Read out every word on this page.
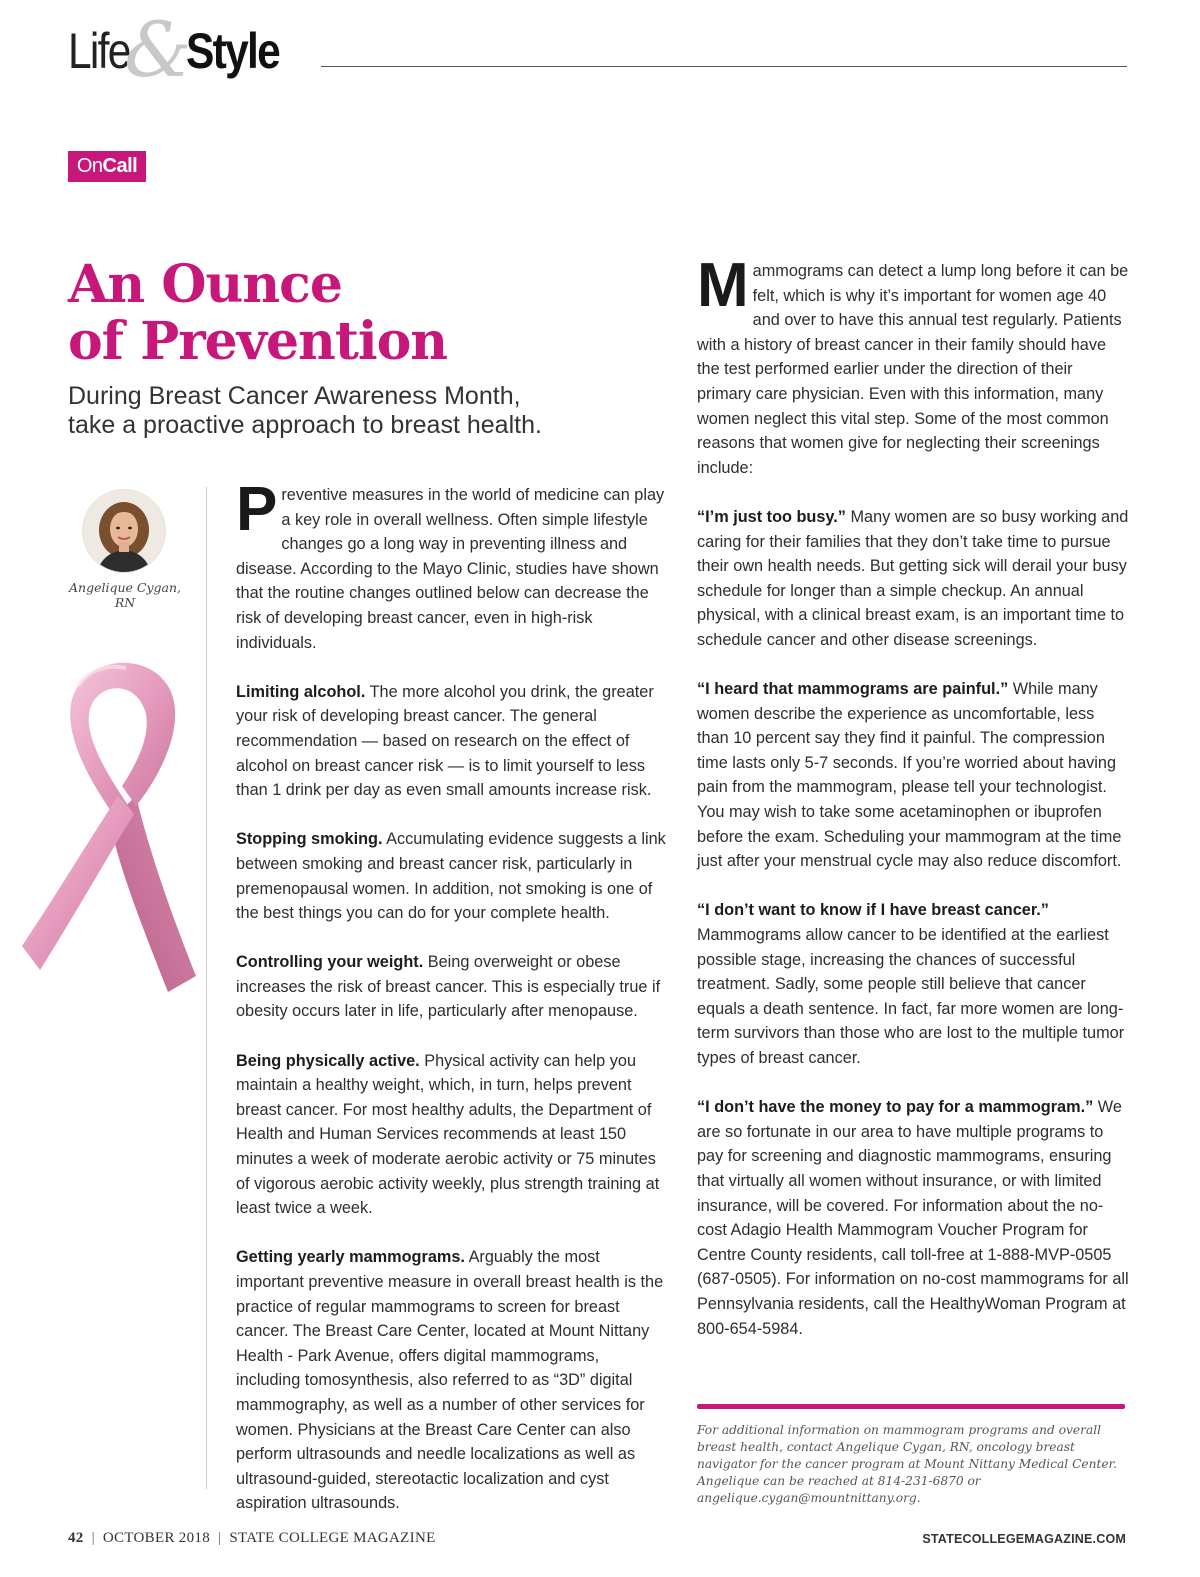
Life
&
Style
OnCall
An Ounce
of Prevention
During Breast Cancer Awareness Month,
take a proactive approach to breast health.
Angelique Cygan, RN

Preventive measures in the world of medicine can play a key role in overall wellness. Often simple lifestyle changes go a long way in preventing illness and disease. According to the Mayo Clinic, studies have shown that the routine changes outlined below can decrease the risk of developing breast cancer, even in high-risk individuals.

Limiting alcohol. The more alcohol you drink, the greater your risk of developing breast cancer. The general recommendation — based on research on the effect of alcohol on breast cancer risk — is to limit yourself to less than 1 drink per day as even small amounts increase risk.

Stopping smoking. Accumulating evidence suggests a link between smoking and breast cancer risk, particularly in premenopausal women. In addition, not smoking is one of the best things you can do for your complete health.

Controlling your weight. Being overweight or obese increases the risk of breast cancer. This is especially true if obesity occurs later in life, particularly after menopause.

Being physically active. Physical activity can help you maintain a healthy weight, which, in turn, helps prevent breast cancer. For most healthy adults, the Department of Health and Human Services recommends at least 150 minutes a week of moderate aerobic activity or 75 minutes of vigorous aerobic activity weekly, plus strength training at least twice a week.

Getting yearly mammograms. Arguably the most important preventive measure in overall breast health is the practice of regular mammograms to screen for breast cancer. The Breast Care Center, located at Mount Nittany Health - Park Avenue, offers digital mammograms, including tomosynthesis, also referred to as “3D” digital mammography, as well as a number of other services for women. Physicians at the Breast Care Center can also perform ultrasounds and needle localizations as well as ultrasound-guided, stereotactic localization and cyst aspiration ultrasounds.

Mammograms can detect a lump long before it can be felt, which is why it’s important for women age 40 and over to have this annual test regularly. Patients with a history of breast cancer in their family should have the test performed earlier under the direction of their primary care physician. Even with this information, many women neglect this vital step. Some of the most common reasons that women give for neglecting their screenings include:

“I’m just too busy.” Many women are so busy working and caring for their families that they don’t take time to pursue their own health needs. But getting sick will derail your busy schedule for longer than a simple checkup. An annual physical, with a clinical breast exam, is an important time to schedule cancer and other disease screenings.

“I heard that mammograms are painful.” While many women describe the experience as uncomfortable, less than 10 percent say they find it painful. The compression time lasts only 5-7 seconds. If you’re worried about having pain from the mammogram, please tell your technologist. You may wish to take some acetaminophen or ibuprofen before the exam. Scheduling your mammogram at the time just after your menstrual cycle may also reduce discomfort.

“I don’t want to know if I have breast cancer.” Mammograms allow cancer to be identified at the earliest possible stage, increasing the chances of successful treatment. Sadly, some people still believe that cancer equals a death sentence. In fact, far more women are long-term survivors than those who are lost to the multiple tumor types of breast cancer.

“I don’t have the money to pay for a mammogram.” We are so fortunate in our area to have multiple programs to pay for screening and diagnostic mammograms, ensuring that virtually all women without insurance, or with limited insurance, will be covered. For information about the no-cost Adagio Health Mammogram Voucher Program for Centre County residents, call toll-free at 1-888-MVP-0505 (687-0505). For information on no-cost mammograms for all Pennsylvania residents, call the HealthyWoman Program at 800-654-5984.

For additional information on mammogram programs and overall breast health, contact Angelique Cygan, RN, oncology breast navigator for the cancer program at Mount Nittany Medical Center. Angelique can be reached at 814-231-6870 or angelique.cygan@mountnittany.org.
42 | OCTOBER 2018 | STATE COLLEGE MAGAZINE	STATECOLLEGEMAGAZINE.COM
